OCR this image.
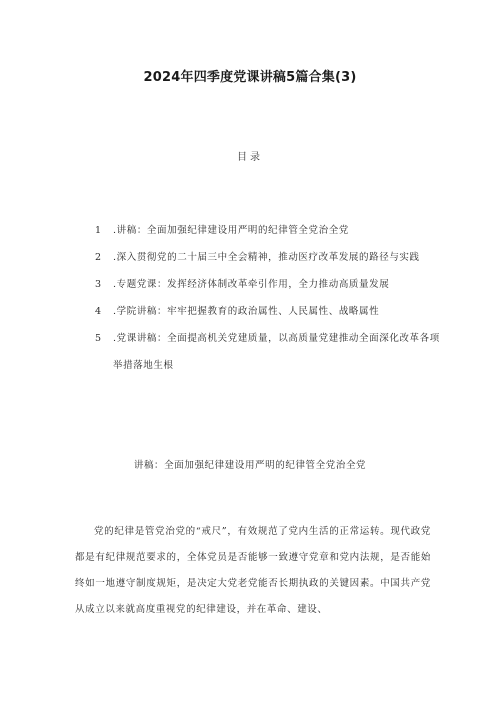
2024年四季度党课讲稿5篇合集(3)
目录
1	.讲稿：全面加强纪律建设用严明的纪律管全党治全党
2	.深入贯彻党的二十届三中全会精神，推动医疗改革发展的路径与实践
3	.专题党课：发挥经济体制改革牵引作用，全力推动高质量发展
4	.学院讲稿：牢牢把握教育的政治属性、人民属性、战略属性
5	.党课讲稿：全面提高机关党建质量，以高质量党建推动全面深化改革各项举措落地生根
讲稿：全面加强纪律建设用严明的纪律管全党治全党

党的纪律是管党治党的“戒尺”，有效规范了党内生活的正常运转。现代政党都是有纪律规范要求的，全体党员是否能够一致遵守党章和党内法规，是否能始终如一地遵守制度规矩，是决定大党老党能否长期执政的关键因素。中国共产党从成立以来就高度重视党的纪律建设，并在革命、建设、
